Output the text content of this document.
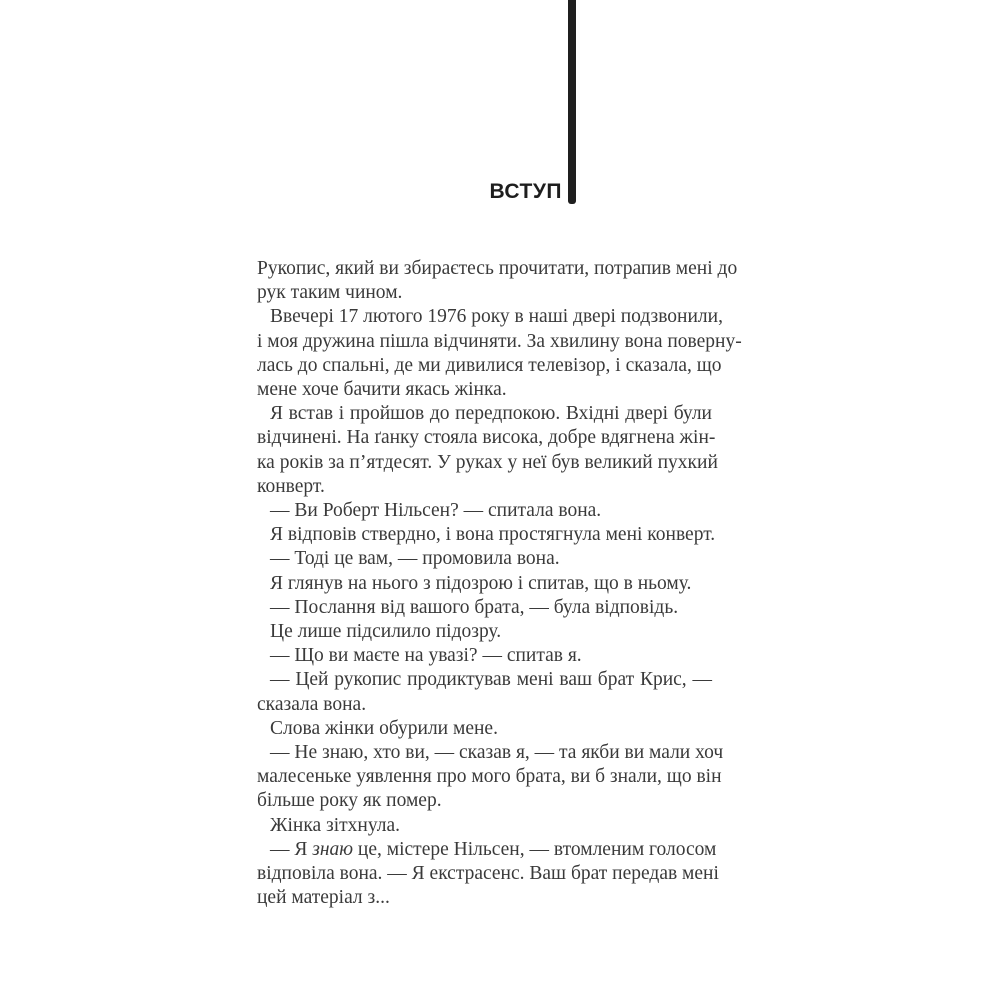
ВСТУП
Рукопис, який ви збираєтесь прочитати, потрапив мені до
рук таким чином.
Ввечері 17 лютого 1976 року в наші двері подзвонили,
і моя дружина пішла відчиняти. За хвилину вона поверну-
лась до спальні, де ми дивилися телевізор, і сказала, що
мене хоче бачити якась жінка.
Я встав і пройшов до передпокою. Вхідні двері були
відчинені. На ґанку стояла висока, добре вдягнена жін-
ка років за п’ятдесят. У руках у неї був великий пухкий
конверт.
— Ви Роберт Нільсен? — спитала вона.
Я відповів ствердно, і вона простягнула мені конверт.
— Тоді це вам, — промовила вона.
Я глянув на нього з підозрою і спитав, що в ньому.
— Послання від вашого брата, — була відповідь.
Це лише підсилило підозру.
— Що ви маєте на увазі? — спитав я.
— Цей рукопис продиктував мені ваш брат Крис, —
сказала вона.
Слова жінки обурили мене.
— Не знаю, хто ви, — сказав я, — та якби ви мали хоч
малесеньке уявлення про мого брата, ви б знали, що він
більше року як помер.
Жінка зітхнула.
— Я знаю це, містере Нільсен, — втомленим голосом
відповіла вона. — Я екстрасенс. Ваш брат передав мені
цей матеріал з...
